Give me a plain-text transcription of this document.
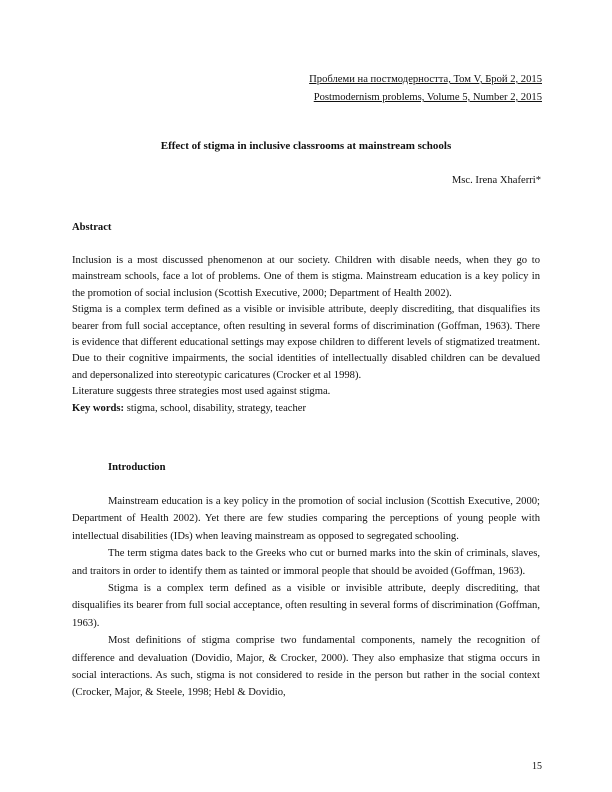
Проблеми на постмодерността, Том V, Брой 2, 2015
Postmodernism problems, Volume 5, Number 2, 2015
Effect of stigma in inclusive classrooms at mainstream schools
Msc. Irena Xhaferri*
Abstract

Inclusion is a most discussed phenomenon at our society. Children with disable needs, when they go to mainstream schools, face a lot of problems. One of them is stigma. Mainstream education is a key policy in the promotion of social inclusion (Scottish Executive, 2000; Department of Health 2002).

Stigma is a complex term defined as a visible or invisible attribute, deeply discrediting, that disqualifies its bearer from full social acceptance, often resulting in several forms of discrimination (Goffman, 1963). There is evidence that different educational settings may expose children to different levels of stigmatized treatment. Due to their cognitive impairments, the social identities of intellectually disabled children can be devalued and depersonalized into stereotypic caricatures (Crocker et al 1998).

Literature suggests three strategies most used against stigma.

Key words: stigma, school, disability, strategy, teacher

Introduction

Mainstream education is a key policy in the promotion of social inclusion (Scottish Executive, 2000; Department of Health 2002). Yet there are few studies comparing the perceptions of young people with intellectual disabilities (IDs) when leaving mainstream as opposed to segregated schooling.

The term stigma dates back to the Greeks who cut or burned marks into the skin of criminals, slaves, and traitors in order to identify them as tainted or immoral people that should be avoided (Goffman, 1963).

Stigma is a complex term defined as a visible or invisible attribute, deeply discrediting, that disqualifies its bearer from full social acceptance, often resulting in several forms of discrimination (Goffman, 1963).

Most definitions of stigma comprise two fundamental components, namely the recognition of difference and devaluation (Dovidio, Major, & Crocker, 2000). They also emphasize that stigma occurs in social interactions. As such, stigma is not considered to reside in the person but rather in the social context (Crocker, Major, & Steele, 1998; Hebl & Dovidio,

15
